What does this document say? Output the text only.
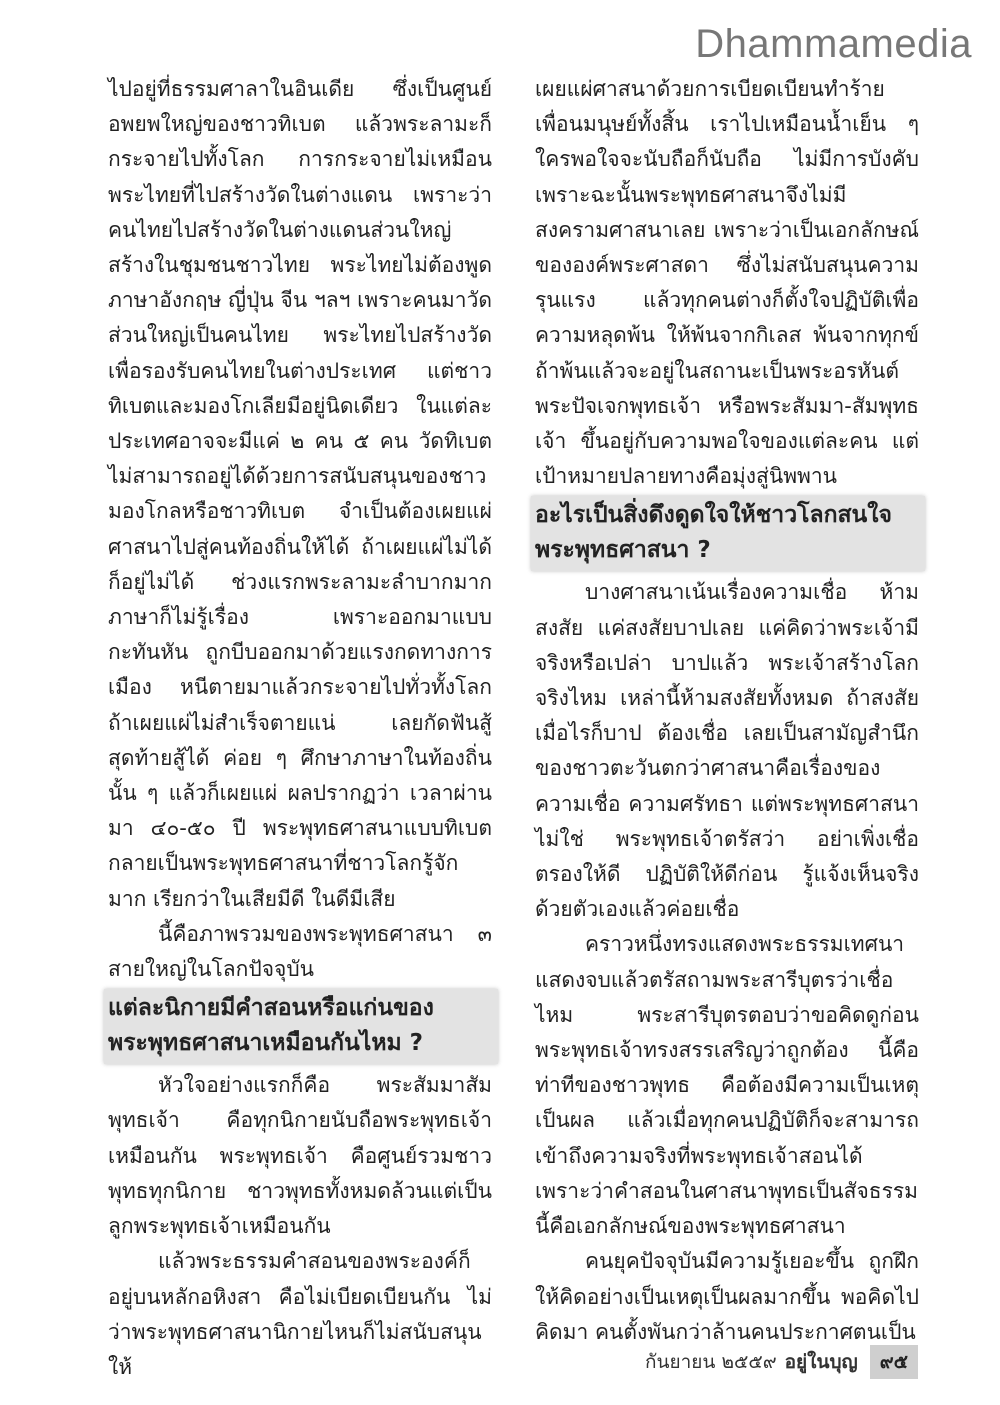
Dhammamedia

ไปอยู่ที่ธรรมศาลาในอินเดีย ซึ่งเป็นศูนย์อพยพใหญ่ของชาวทิเบต แล้วพระลามะก็กระจายไปทั้งโลก การกระจายไม่เหมือนพระไทยที่ไปสร้างวัดในต่างแดน เพราะว่าคนไทยไปสร้างวัดในต่างแดนส่วนใหญ่สร้างในชุมชนชาวไทย พระไทยไม่ต้องพูดภาษาอังกฤษ ญี่ปุ่น จีน ฯลฯ เพราะคนมาวัดส่วนใหญ่เป็นคนไทย พระไทยไปสร้างวัดเพื่อรองรับคนไทยในต่างประเทศ แต่ชาวทิเบตและมองโกเลียมีอยู่นิดเดียว ในแต่ละประเทศอาจจะมีแค่ ๒ คน ๕ คน วัดทิเบตไม่สามารถอยู่ได้ด้วยการสนับสนุนของชาวมองโกลหรือชาวทิเบต จำเป็นต้องเผยแผ่ศาสนาไปสู่คนท้องถิ่นให้ได้ ถ้าเผยแผ่ไม่ได้ก็อยู่ไม่ได้ ช่วงแรกพระลามะลำบากมาก ภาษาก็ไม่รู้เรื่อง เพราะออกมาแบบกะทันหัน ถูกบีบออกมาด้วยแรงกดทางการเมือง หนีตายมาแล้วกระจายไปทั่วทั้งโลก ถ้าเผยแผ่ไม่สำเร็จตายแน่ เลยกัดฟันสู้ สุดท้ายสู้ได้ ค่อย ๆ ศึกษาภาษาในท้องถิ่นนั้น ๆ แล้วก็เผยแผ่ ผลปรากฏว่า เวลาผ่านมา ๔๐-๕๐ ปี พระพุทธศาสนาแบบทิเบตกลายเป็นพระพุทธศาสนาที่ชาวโลกรู้จักมาก เรียกว่าในเสียมีดี ในดีมีเสีย

นี้คือภาพรวมของพระพุทธศาสนา ๓ สายใหญ่ในโลกปัจจุบัน

แต่ละนิกายมีคำสอนหรือแก่นของพระพุทธศาสนาเหมือนกันไหม ?

หัวใจอย่างแรกก็คือ พระสัมมาสัมพุทธเจ้า คือทุกนิกายนับถือพระพุทธเจ้าเหมือนกัน พระพุทธเจ้า คือศูนย์รวมชาวพุทธทุกนิกาย ชาวพุทธทั้งหมดล้วนแต่เป็นลูกพระพุทธเจ้าเหมือนกัน

แล้วพระธรรมคำสอนของพระองค์ก็อยู่บนหลักอหิงสา คือไม่เบียดเบียนกัน ไม่ว่าพระพุทธศาสนานิกายไหนก็ไม่สนับสนุนให้

เผยแผ่ศาสนาด้วยการเบียดเบียนทำร้ายเพื่อนมนุษย์ทั้งสิ้น เราไปเหมือนน้ำเย็น ๆ ใครพอใจจะนับถือก็นับถือ ไม่มีการบังคับ เพราะฉะนั้นพระพุทธศาสนาจึงไม่มีสงครามศาสนาเลย เพราะว่าเป็นเอกลักษณ์ขององค์พระศาสดา ซึ่งไม่สนับสนุนความรุนแรง แล้วทุกคนต่างก็ตั้งใจปฏิบัติเพื่อความหลุดพ้น ให้พ้นจากกิเลส พ้นจากทุกข์ ถ้าพ้นแล้วจะอยู่ในสถานะเป็นพระอรหันต์ พระปัจเจกพุทธเจ้า หรือพระสัมมา-สัมพุทธเจ้า ขึ้นอยู่กับความพอใจของแต่ละคน แต่เป้าหมายปลายทางคือมุ่งสู่นิพพาน

อะไรเป็นสิ่งดึงดูดใจให้ชาวโลกสนใจพระพุทธศาสนา ?

บางศาสนาเน้นเรื่องความเชื่อ ห้ามสงสัย แค่สงสัยบาปเลย แค่คิดว่าพระเจ้ามีจริงหรือเปล่า บาปแล้ว พระเจ้าสร้างโลกจริงไหม เหล่านี้ห้ามสงสัยทั้งหมด ถ้าสงสัยเมื่อไรก็บาป ต้องเชื่อ เลยเป็นสามัญสำนึกของชาวตะวันตกว่าศาสนาคือเรื่องของความเชื่อ ความศรัทธา แต่พระพุทธศาสนาไม่ใช่ พระพุทธเจ้าตรัสว่า อย่าเพิ่งเชื่อ ตรองให้ดี ปฏิบัติให้ดีก่อน รู้แจ้งเห็นจริงด้วยตัวเองแล้วค่อยเชื่อ

คราวหนึ่งทรงแสดงพระธรรมเทศนา แสดงจบแล้วตรัสถามพระสารีบุตรว่าเชื่อไหม พระสารีบุตรตอบว่าขอคิดดูก่อน พระพุทธเจ้าทรงสรรเสริญว่าถูกต้อง นี้คือท่าทีของชาวพุทธ คือต้องมีความเป็นเหตุเป็นผล แล้วเมื่อทุกคนปฏิบัติก็จะสามารถเข้าถึงความจริงที่พระพุทธเจ้าสอนได้ เพราะว่าคำสอนในศาสนาพุทธเป็นสัจธรรม นี้คือเอกลักษณ์ของพระพุทธศาสนา

คนยุคปัจจุบันมีความรู้เยอะขึ้น ถูกฝึกให้คิดอย่างเป็นเหตุเป็นผลมากขึ้น พอคิดไปคิดมา คนตั้งพันกว่าล้านคนประกาศตนเป็น

กันยายน ๒๕๕๙ อยู่ในบุญ	๙๕
